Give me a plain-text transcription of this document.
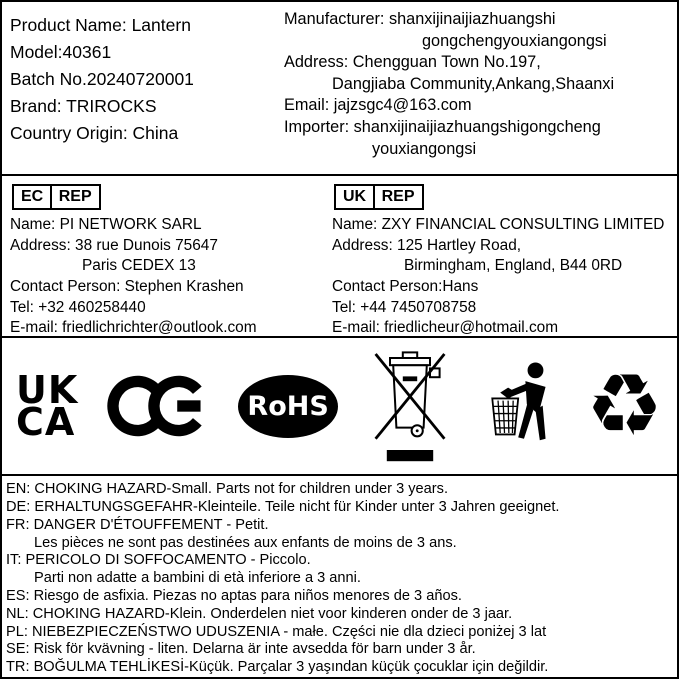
Product Name: Lantern
Model:40361
Batch No.20240720001
Brand: TRIROCKS
Country Origin: China
Manufacturer: shanxijinaijiazhuangshi
gongchengyouxiangongsi
Address: Chengguan Town No.197,
Dangjiaba Community,Ankang,Shaanxi
Email: jajzsgc4@163.com
Importer: shanxijinaijiazhuangshigongcheng
youxiangongsi
EC REP
Name: PI NETWORK SARL
Address: 38 rue Dunois 75647
Paris CEDEX 13
Contact Person: Stephen Krashen
Tel: +32 460258440
E-mail: friedlichrichter@outlook.com
UK REP
Name: ZXY FINANCIAL CONSULTING LIMITED
Address: 125 Hartley Road,
Birmingham, England, B44 0RD
Contact Person:Hans
Tel: +44 7450708758
E-mail: friedlicheur@hotmail.com
UK
CA	RoHS	♻
EN: CHOKING HAZARD-Small. Parts not for children under 3 years.
DE: ERHALTUNGSGEFAHR-Kleinteile. Teile nicht für Kinder unter 3 Jahren geeignet.
FR: DANGER D'ÉTOUFFEMENT - Petit.
Les pièces ne sont pas destinées aux enfants de moins de 3 ans.
IT: PERICOLO DI SOFFOCAMENTO - Piccolo.
Parti non adatte a bambini di età inferiore a 3 anni.
ES: Riesgo de asfixia. Piezas no aptas para niños menores de 3 años.
NL: CHOKING HAZARD-Klein. Onderdelen niet voor kinderen onder de 3 jaar.
PL: NIEBEZPIECZEŃSTWO UDUSZENIA - małe. Części nie dla dzieci poniżej 3 lat
SE: Risk för kvävning - liten. Delarna är inte avsedda för barn under 3 år.
TR: BOĞULMA TEHLİKESİ-Küçük. Parçalar 3 yaşından küçük çocuklar için değildir.
